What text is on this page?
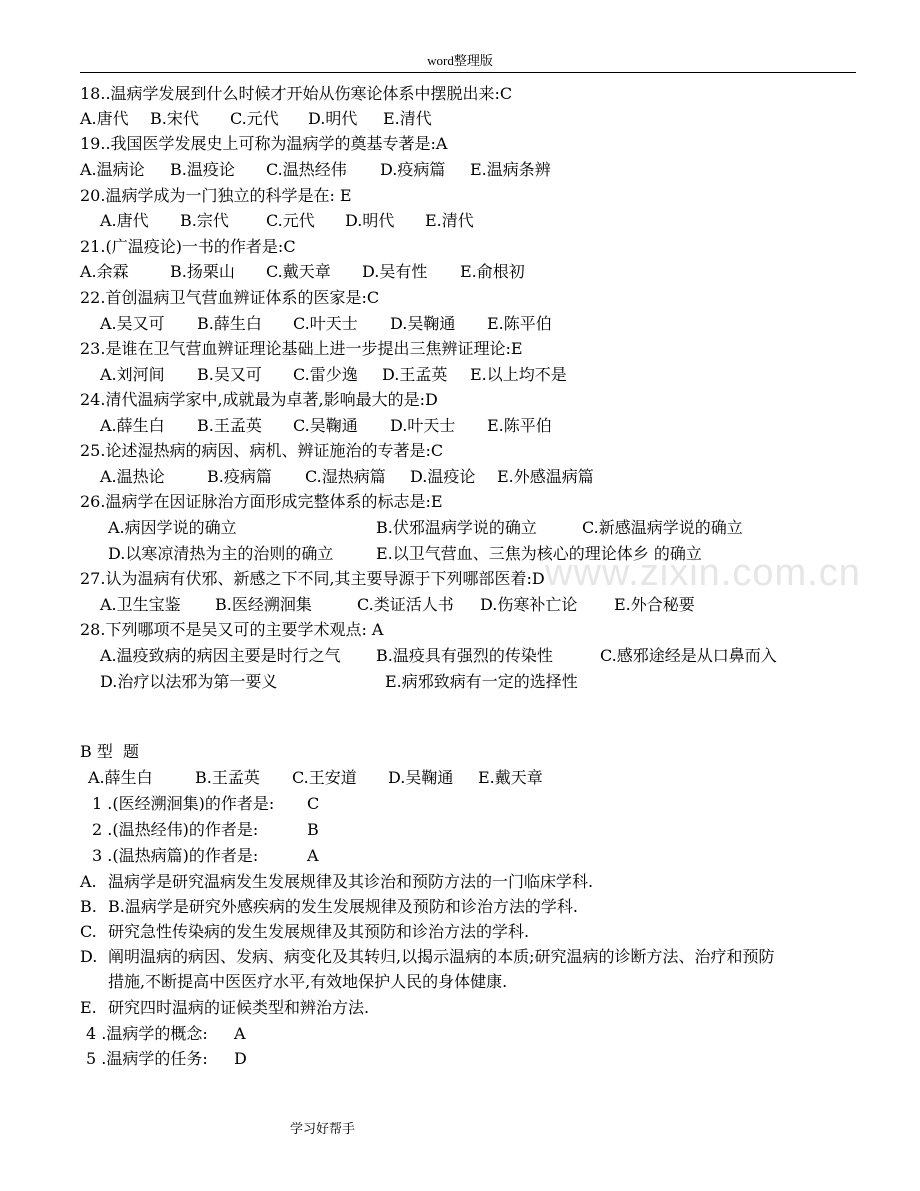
word整理版
www.zixin.com.cn
18..温病学发展到什么时候才开始从伤寒论体系中摆脱出来:C
A.唐代 B.宋代 C.元代 D.明代 E.清代
19..我国医学发展史上可称为温病学的奠基专著是:A
A.温病论 B.温疫论 C.温热经伟 D.疫病篇 E.温病条辨
20.温病学成为一门独立的科学是在: E
A.唐代 B.宗代 C.元代 D.明代 E.清代
21.(广温疫论)一书的作者是:C
A.余霖	B.扬栗山 C.戴天章 D.吴有性 E.俞根初
22.首创温病卫气营血辨证体系的医家是:C
A.吴又可 B.薛生白 C.叶天士 D.吴鞠通 E.陈平伯
23.是谁在卫气营血辨证理论基础上进一步提出三焦辨证理论:E
A.刘河间 B.吴又可 C.雷少逸 D.王孟英 E.以上均不是
24.清代温病学家中,成就最为卓著,影响最大的是:D
A.薛生白 B.王孟英 C.吴鞠通 D.叶天士 E.陈平伯
25.论述湿热病的病因、病机、辨证施治的专著是:C
A.温热论	B.疫病篇 C.湿热病篇 D.温疫论 E.外感温病篇
26.温病学在因证脉治方面形成完整体系的标志是:E
A.病因学说的确立	B.伏邪温病学说的确立	C.新感温病学说的确立
D.以寒凉清热为主的治则的确立	E.以卫气营血、三焦为核心的理论体乡 的确立
27.认为温病有伏邪、新感之下不同,其主要导源于下列哪部医着:D
A.卫生宝鉴 B.医经溯洄集	C.类证活人书 D.伤寒补亡论 E.外合秘要
28.下列哪项不是吴又可的主要学术观点: A
A.温疫致病的病因主要是时行之气 B.温疫具有强烈的传染性	C.感邪途经是从口鼻而入
D.治疗以法邪为第一要义	E.病邪致病有一定的选择性
B 型  题
A.薛生白	B.王孟英 C.王安道 D.吴鞠通 E.戴天章
1 .(医经溯洄集)的作者是: C
2 .(温热经伟)的作者是:	B
3 .(温热病篇)的作者是:	A
A. 温病学是研究温病发生发展规律及其诊治和预防方法的一门临床学科.
B. B.温病学是研究外感疾病的发生发展规律及预防和诊治方法的学科.
C. 研究急性传染病的发生发展规律及其预防和诊治方法的学科.
D. 阐明温病的病因、发病、病变化及其转归,以揭示温病的本质;研究温病的诊断方法、治疗和预防
措施,不断提高中医医疗水平,有效地保护人民的身体健康.
E. 研究四时温病的证候类型和辨治方法.
4 .温病学的概念: A
5 .温病学的任务: D
学习好帮手
